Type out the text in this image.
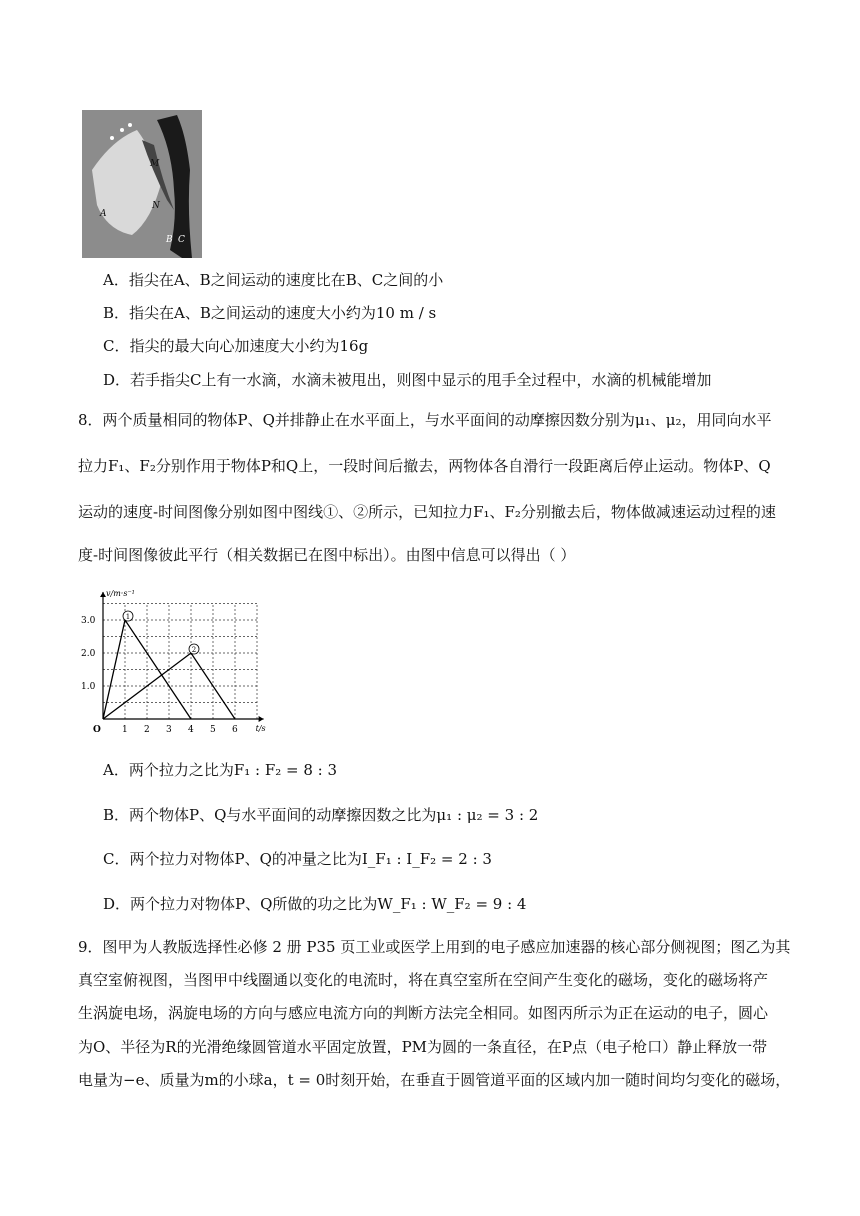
M
N
A
B C
A．指尖在A、B之间运动的速度比在B、C之间的小
B．指尖在A、B之间运动的速度大小约为10 m / s
C．指尖的最大向心加速度大小约为16g
D．若手指尖C上有一水滴，水滴未被甩出，则图中显示的甩手全过程中，水滴的机械能增加
8．两个质量相同的物体P、Q并排静止在水平面上，与水平面间的动摩擦因数分别为μ₁、μ₂，用同向水平
拉力F₁、F₂分别作用于物体P和Q上，一段时间后撤去，两物体各自滑行一段距离后停止运动。物体P、Q
运动的速度-时间图像分别如图中图线①、②所示，已知拉力F₁、F₂分别撤去后，物体做减速运动过程的速
度-时间图像彼此平行（相关数据已在图中标出）。由图中信息可以得出（ ）
v/m·s⁻¹
t/s
O 1 2 3 4 5 6
1.0
2.0
3.0	1
2
A．两个拉力之比为F₁ : F₂ = 8 : 3
B．两个物体P、Q与水平面间的动摩擦因数之比为μ₁ : μ₂ = 3 : 2
C．两个拉力对物体P、Q的冲量之比为I_F₁ : I_F₂ = 2 : 3
D．两个拉力对物体P、Q所做的功之比为W_F₁ : W_F₂ = 9 : 4
9．图甲为人教版选择性必修 2 册 P35 页工业或医学上用到的电子感应加速器的核心部分侧视图；图乙为其
真空室俯视图，当图甲中线圈通以变化的电流时，将在真空室所在空间产生变化的磁场，变化的磁场将产
生涡旋电场，涡旋电场的方向与感应电流方向的判断方法完全相同。如图丙所示为正在运动的电子，圆心
为O、半径为R的光滑绝缘圆管道水平固定放置，PM为圆的一条直径，在P点（电子枪口）静止释放一带
电量为−e、质量为m的小球a，t = 0时刻开始，在垂直于圆管道平面的区域内加一随时间均匀变化的磁场，
